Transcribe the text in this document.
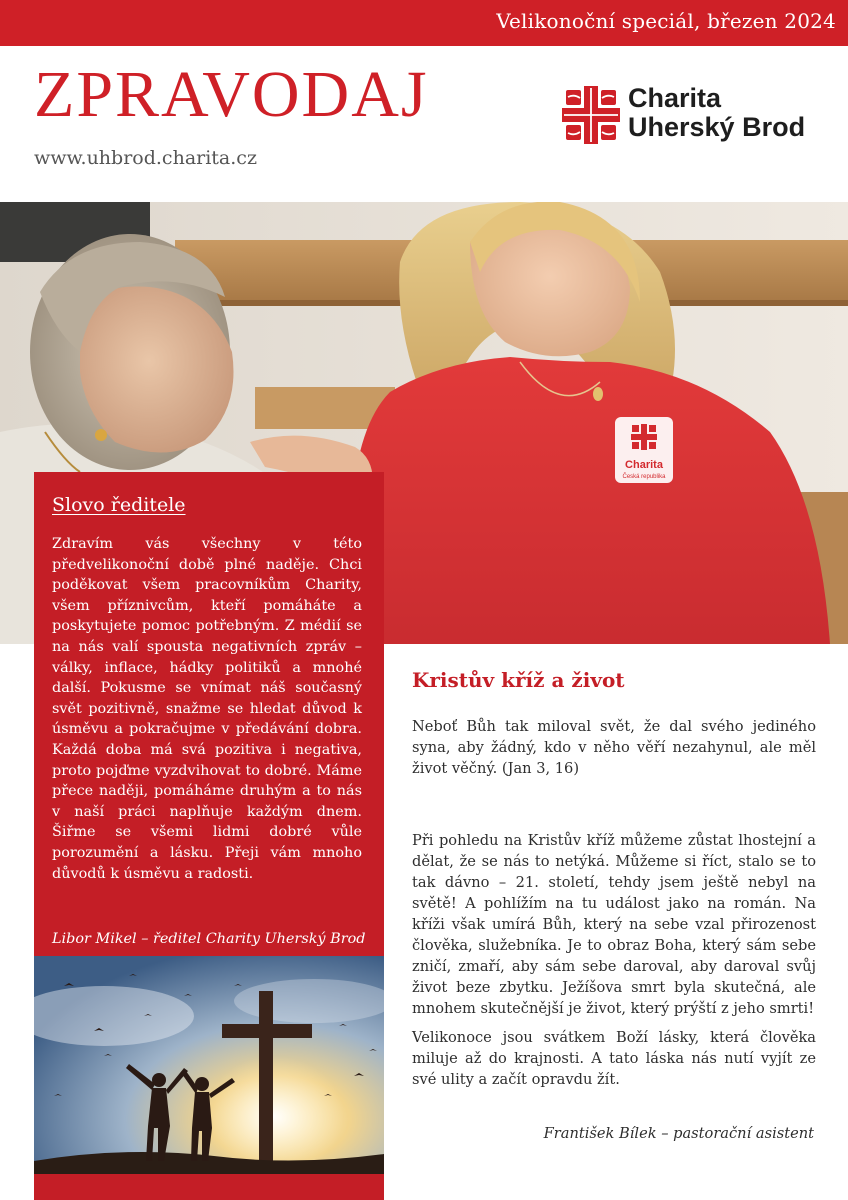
Velikonoční speciál, březen 2024
ZPRAVODAJ
www.uhbrod.charita.cz
Charita
Uherský Brod
Charita
Česká republika
Slovo ředitele
Zdravím vás všechny v této předvelikonoční době plné naděje. Chci poděkovat všem pracovníkům Charity, všem příznivcům, kteří pomáháte a poskytujete pomoc potřebným. Z médií se na nás valí spousta negativních zpráv – války, inflace, hádky politiků a mnohé další. Pokusme se vnímat náš současný svět pozitivně, snažme se hledat důvod k úsměvu a pokračujme v předávání dobra. Každá doba má svá pozitiva i negativa, proto pojďme vyzdvihovat to dobré. Máme přece naději, pomáháme druhým a to nás v naší práci naplňuje každým dnem. Šiřme se všemi lidmi dobré vůle porozumění a lásku. Přeji vám mnoho důvodů k úsměvu a radosti.
Libor Mikel – ředitel Charity Uherský Brod
Kristův kříž a život

Neboť Bůh tak miloval svět, že dal svého jediného syna, aby žádný, kdo v něho věří nezahynul, ale měl život věčný. (Jan 3, 16)

Při pohledu na Kristův kříž můžeme zůstat lhostejní a dělat, že se nás to netýká. Můžeme si říct, stalo se to tak dávno – 21. století, tehdy jsem ještě nebyl na světě! A pohlížím na tu událost jako na román. Na kříži však umírá Bůh, který na sebe vzal přirozenost člověka, služebníka. Je to obraz Boha, který sám sebe zničí, zmaří, aby sám sebe daroval, aby daroval svůj život beze zbytku. Ježíšova smrt byla skutečná, ale mnohem skutečnější je život, který prýští z jeho smrti!

Velikonoce jsou svátkem Boží lásky, která člověka miluje až do krajnosti. A tato láska nás nutí vyjít ze své ulity a začít opravdu žít.

František Bílek – pastorační asistent
